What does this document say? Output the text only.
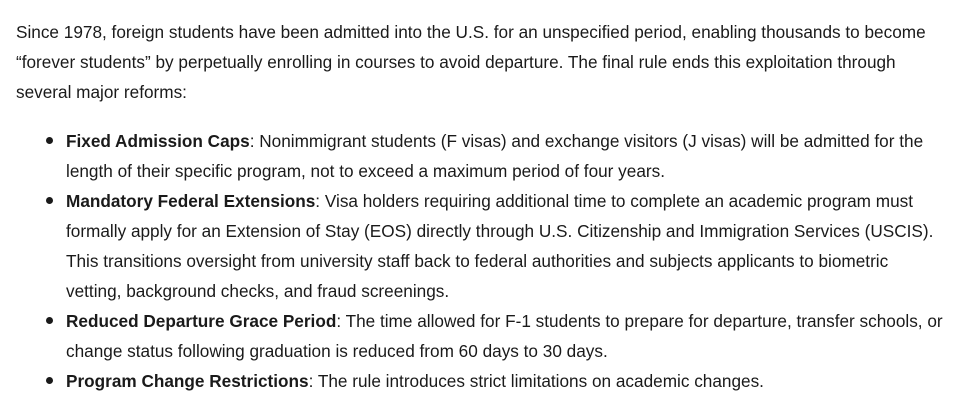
Since 1978, foreign students have been admitted into the U.S. for an unspecified period, enabling thousands to become “forever students” by perpetually enrolling in courses to avoid departure. The final rule ends this exploitation through several major reforms:

Fixed Admission Caps: Nonimmigrant students (F visas) and exchange visitors (J visas) will be admitted for the length of their specific program, not to exceed a maximum period of four years.
Mandatory Federal Extensions: Visa holders requiring additional time to complete an academic program must formally apply for an Extension of Stay (EOS) directly through U.S. Citizenship and Immigration Services (USCIS). This transitions oversight from university staff back to federal authorities and subjects applicants to biometric vetting, background checks, and fraud screenings.
Reduced Departure Grace Period: The time allowed for F-1 students to prepare for departure, transfer schools, or change status following graduation is reduced from 60 days to 30 days.
Program Change Restrictions: The rule introduces strict limitations on academic changes.
